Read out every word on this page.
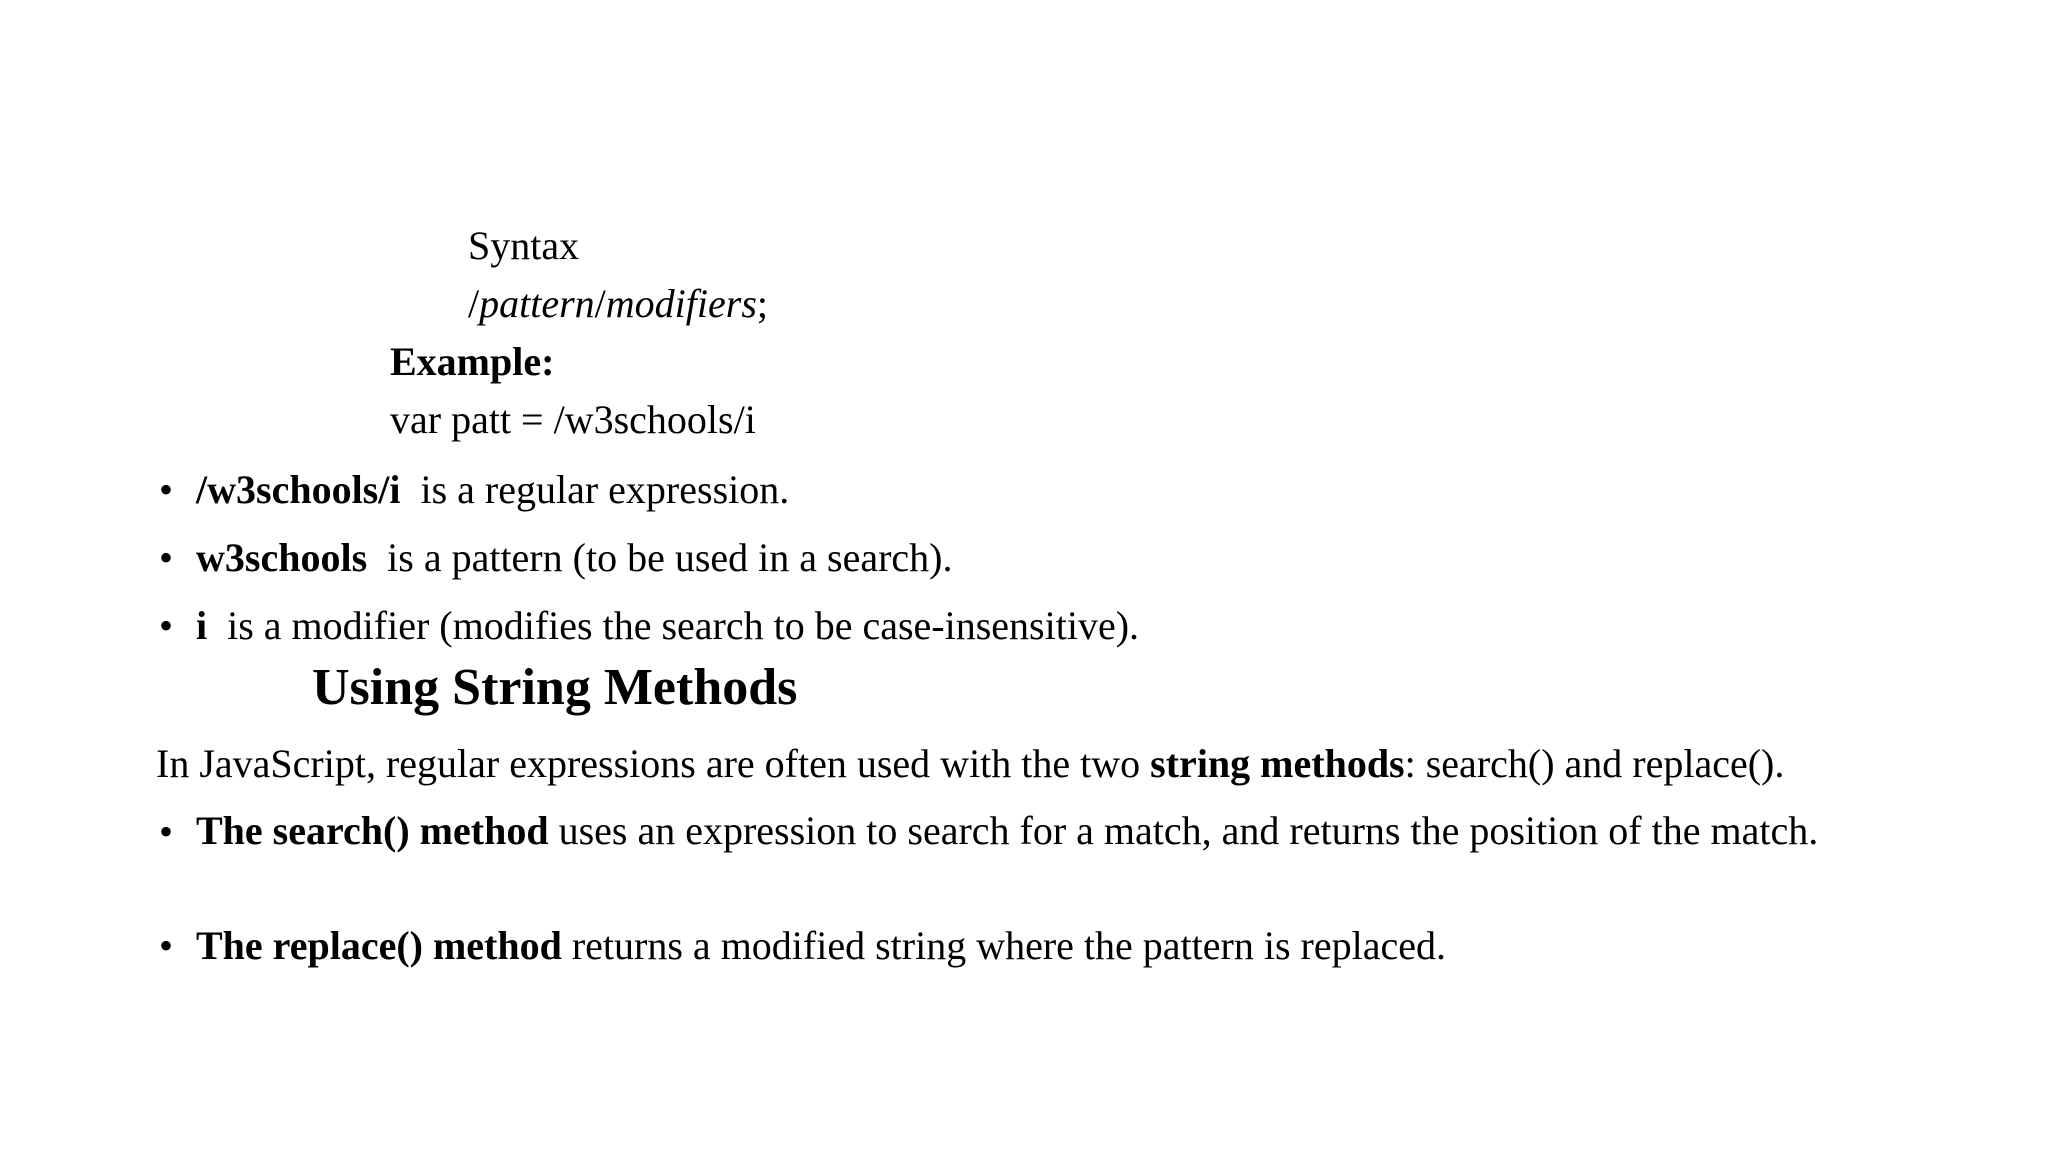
Syntax
/pattern/modifiers;
Example:
var patt = /w3schools/i
• /w3schools/i  is a regular expression.
• w3schools  is a pattern (to be used in a search).
• i  is a modifier (modifies the search to be case-insensitive).
Using String Methods
In JavaScript, regular expressions are often used with the two string methods: search() and replace().
• The search() method uses an expression to search for a match, and returns the position of the match.
• The replace() method returns a modified string where the pattern is replaced.
